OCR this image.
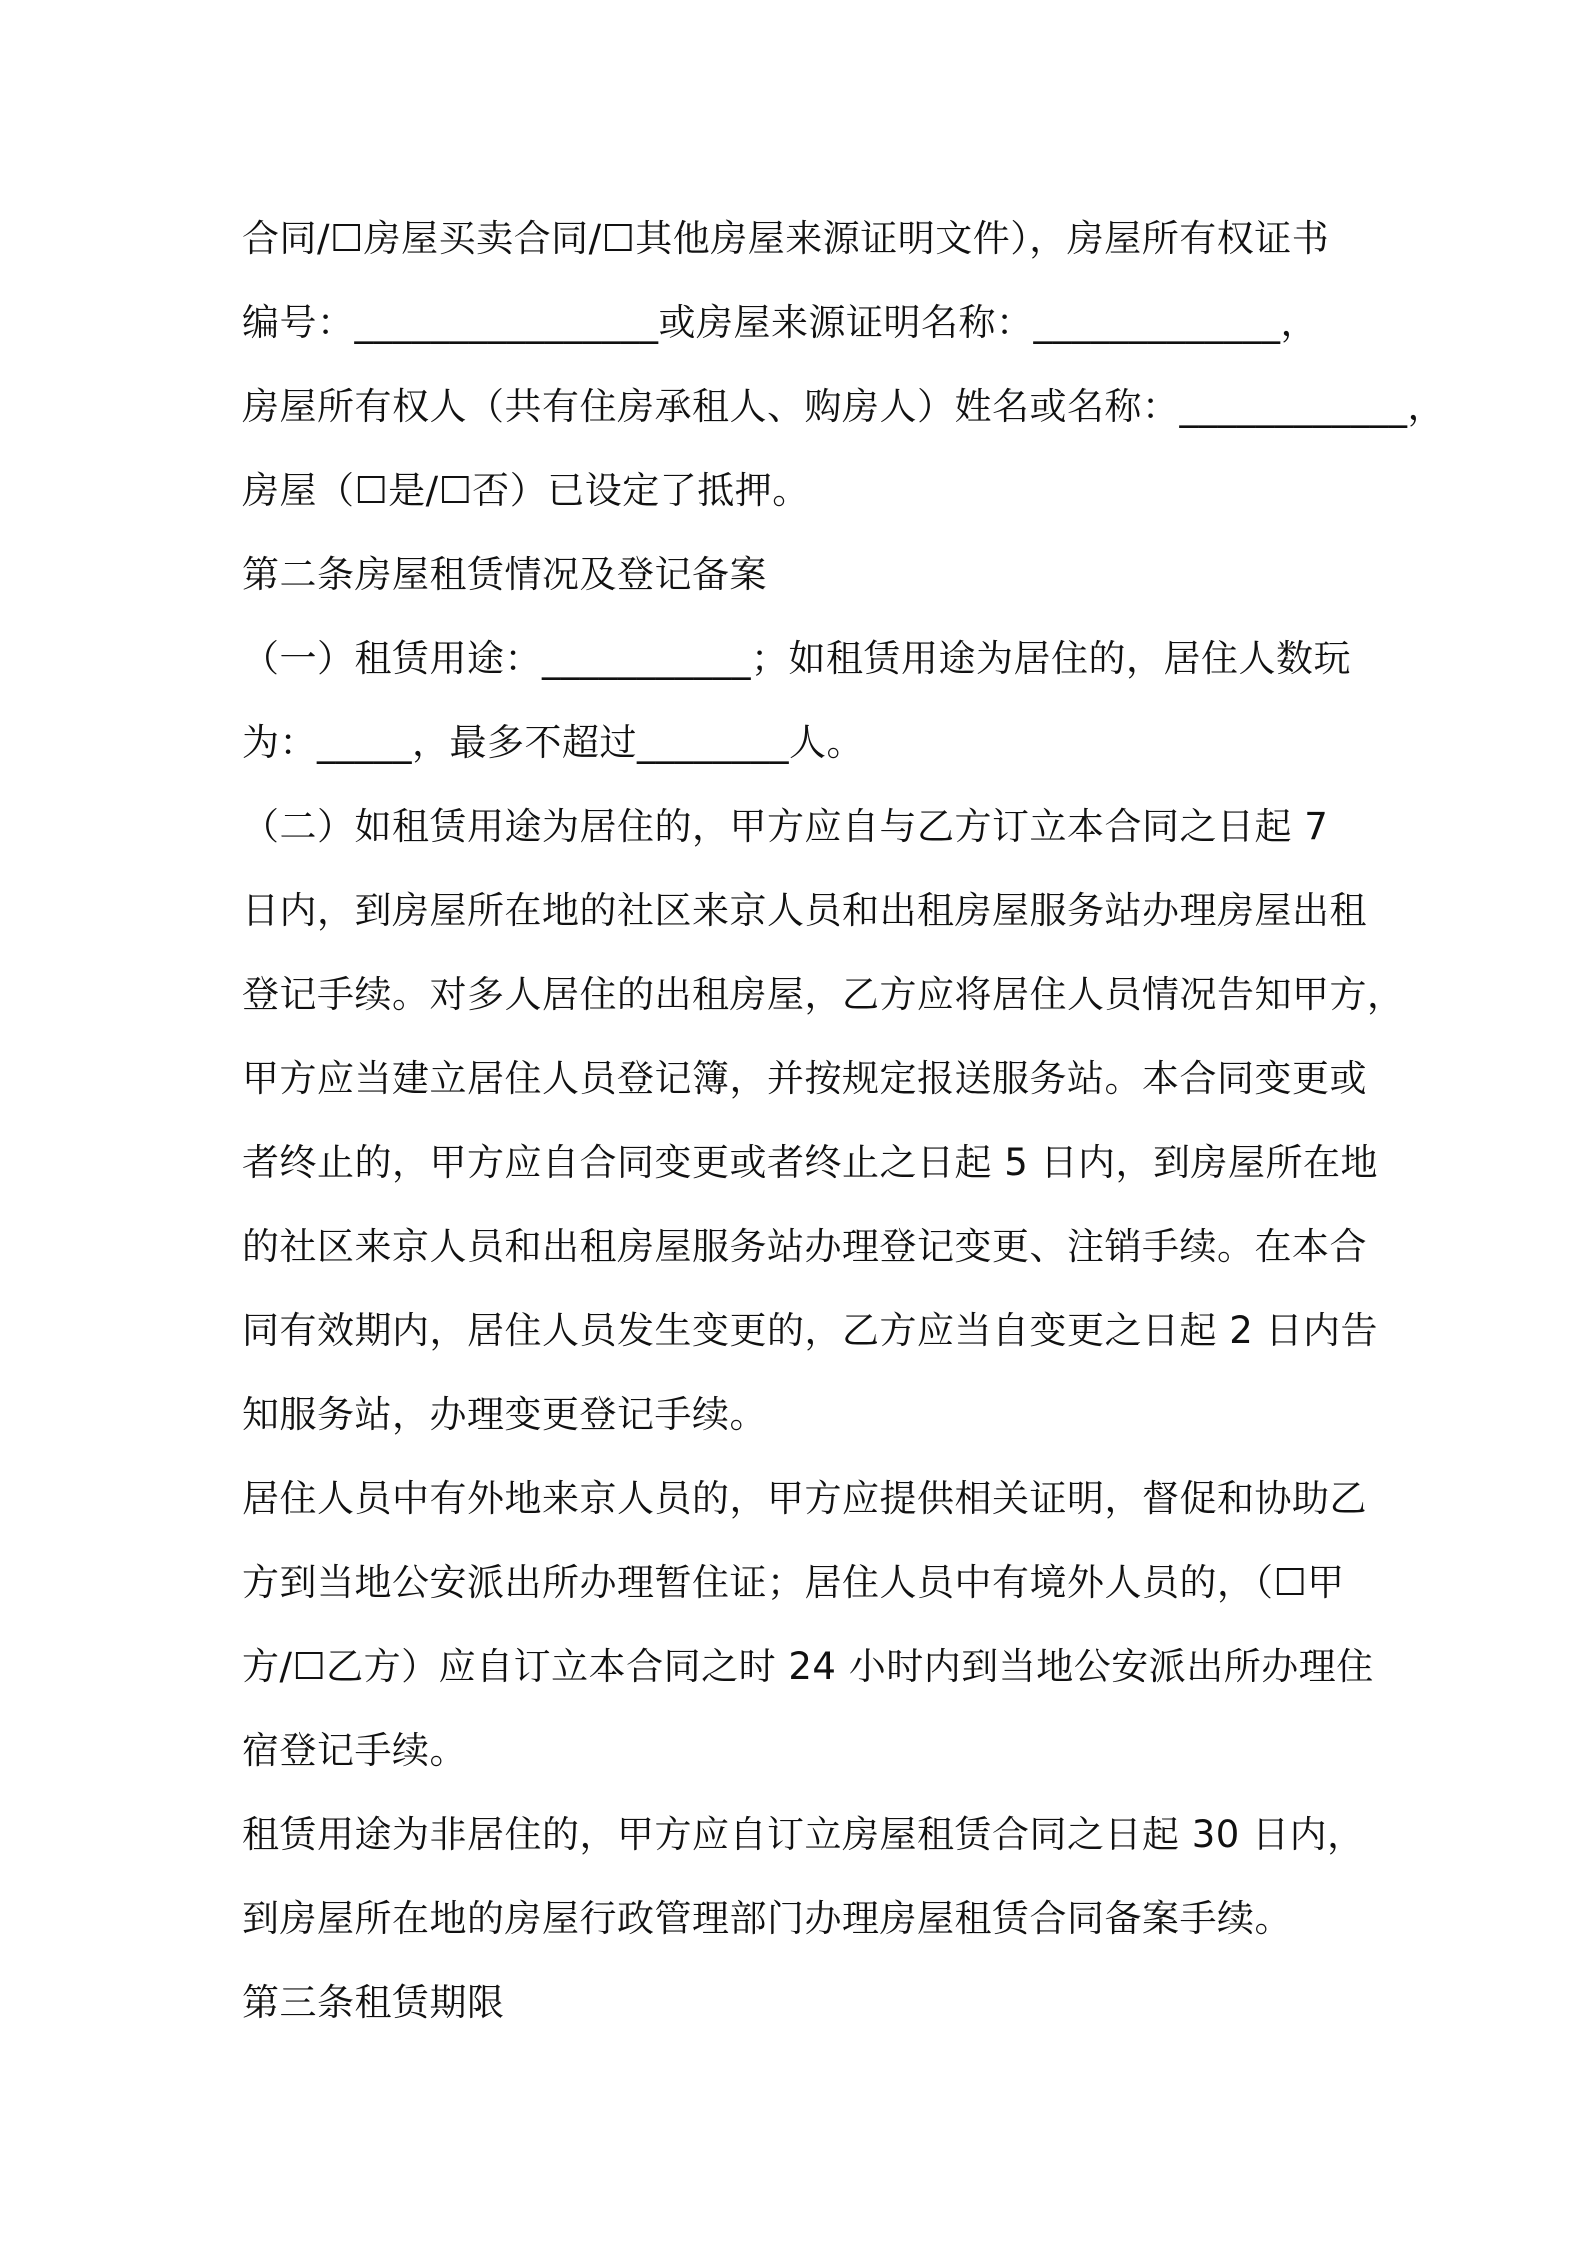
合同/☐房屋买卖合同/☐其他房屋来源证明文件），房屋所有权证书
编号：________________或房屋来源证明名称：_____________，
房屋所有权人（共有住房承租人、购房人）姓名或名称：____________，
房屋（☐是/☐否）已设定了抵押。
第二条房屋租赁情况及登记备案
（一）租赁用途：___________；如租赁用途为居住的，居住人数玩
为：_____，最多不超过________人。
（二）如租赁用途为居住的，甲方应自与乙方订立本合同之日起 7
日内，到房屋所在地的社区来京人员和出租房屋服务站办理房屋出租
登记手续。对多人居住的出租房屋，乙方应将居住人员情况告知甲方，
甲方应当建立居住人员登记簿，并按规定报送服务站。本合同变更或
者终止的，甲方应自合同变更或者终止之日起 5 日内，到房屋所在地
的社区来京人员和出租房屋服务站办理登记变更、注销手续。在本合
同有效期内，居住人员发生变更的，乙方应当自变更之日起 2 日内告
知服务站，办理变更登记手续。
居住人员中有外地来京人员的，甲方应提供相关证明，督促和协助乙
方到当地公安派出所办理暂住证；居住人员中有境外人员的，（☐甲
方/☐乙方）应自订立本合同之时 24 小时内到当地公安派出所办理住
宿登记手续。
租赁用途为非居住的，甲方应自订立房屋租赁合同之日起 30 日内，
到房屋所在地的房屋行政管理部门办理房屋租赁合同备案手续。
第三条租赁期限
